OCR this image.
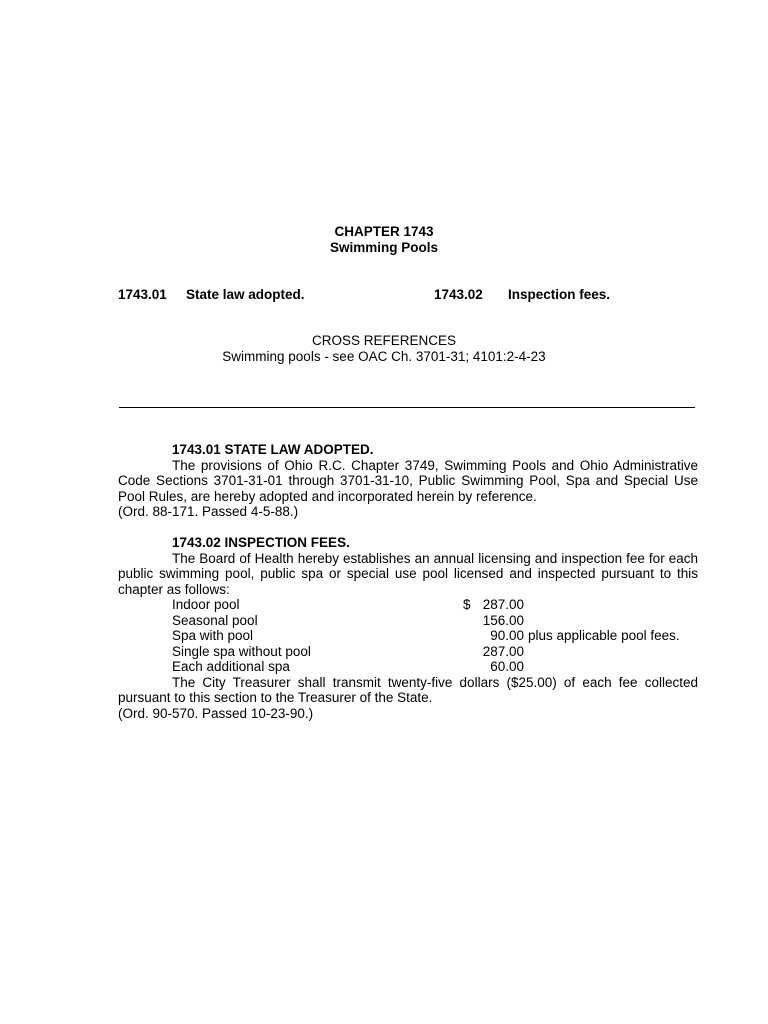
CHAPTER 1743
Swimming Pools
1743.01 State law adopted.	1743.02 Inspection fees.
CROSS REFERENCES
Swimming pools - see OAC Ch. 3701-31; 4101:2-4-23
1743.01 STATE LAW ADOPTED.
The provisions of Ohio R.C. Chapter 3749, Swimming Pools and Ohio Administrative Code Sections 3701-31-01 through 3701-31-10, Public Swimming Pool, Spa and Special Use Pool Rules, are hereby adopted and incorporated herein by reference.
(Ord. 88-171. Passed 4-5-88.)
1743.02 INSPECTION FEES.
The Board of Health hereby establishes an annual licensing and inspection fee for each public swimming pool, public spa or special use pool licensed and inspected pursuant to this chapter as follows:
Indoor pool	$ 287.00
Seasonal pool	156.00
Spa with pool	90.00 plus applicable pool fees.
Single spa without pool	287.00
Each additional spa	60.00
The City Treasurer shall transmit twenty-five dollars ($25.00) of each fee collected pursuant to this section to the Treasurer of the State.
(Ord. 90-570. Passed 10-23-90.)
